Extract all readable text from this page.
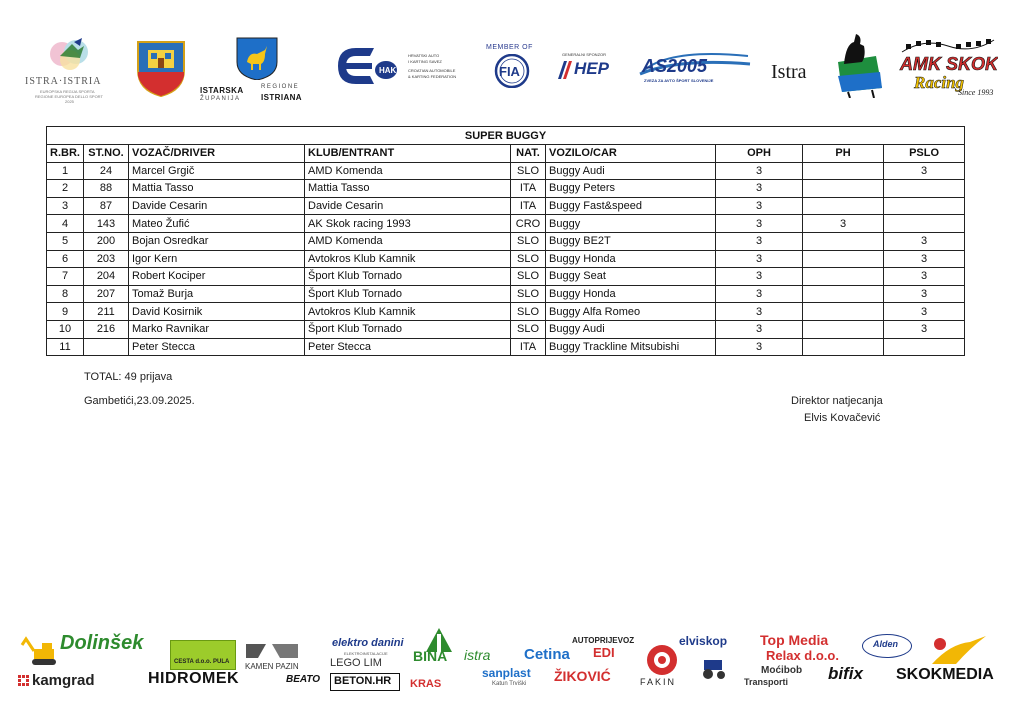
ISTRA·ISTRIA
EUROPSKA REGIJA SPORTA
REGIONE EUROPEA DELLO SPORT
2025
ISTARSKA	REGIONE
ŽUPANIJA	ISTRIANA
HAK
HRVATSKI AUTO
I KARTING SAVEZ
CROATIAN AUTOMOBILE
& KARTING FEDERATION
MEMBER OF
FIA
GENERALNI SPONZOR
HEP AS2005
ZVEZA ZA AVTO ŠPORT SLOVENIJE	Istra	AMK SKOK
Racing
Since 1993
SUPER BUGGY								
R.BR.	ST.NO.	VOZAČ/DRIVER	KLUB/ENTRANT	NAT.	VOZILO/CAR	OPH	PH	PSLO
1	24	Marcel Grgič	AMD Komenda	SLO	Buggy Audi	3		3
2	88	Mattia Tasso	Mattia Tasso	ITA	Buggy Peters	3		
3	87	Davide Cesarin	Davide Cesarin	ITA	Buggy Fast&speed	3		
4	143	Mateo Žufić	AK Skok racing 1993	CRO	Buggy	3	3	
5	200	Bojan Osredkar	AMD Komenda	SLO	Buggy BE2T	3		3
6	203	Igor Kern	Avtokros Klub Kamnik	SLO	Buggy Honda	3		3
7	204	Robert Kociper	Šport Klub Tornado	SLO	Buggy Seat	3		3
8	207	Tomaž Burja	Šport Klub Tornado	SLO	Buggy Honda	3		3
9	211	David Kosirnik	Avtokros Klub Kamnik	SLO	Buggy Alfa Romeo	3		3
10	216	Marko Ravnikar	Šport Klub Tornado	SLO	Buggy Audi	3		3
11		Peter Stecca	Peter Stecca	ITA	Buggy Trackline Mitsubishi	3		
TOTAL: 49 prijava
Gambetići,23.09.2025.	Direktor natjecanja
Elvis Kovačević
Dolinšek
CESTA d.o.o. PULA KAMEN PAZIN
elektro danini
ELEKTROINSTALACIJE
LEGO LIM BINA istra Cetina
AUTOPRIJEVOZ
EDI
elviskop Top Media
Relax d.o.o.
Alden
kamgrad	HIDROMEK	BEATO BETON.HR KRAS
sanplast
Katun Trviški ŽIKOVIĆ	FAKIN
Moćibob
Transporti bifix SKOKMEDIA
